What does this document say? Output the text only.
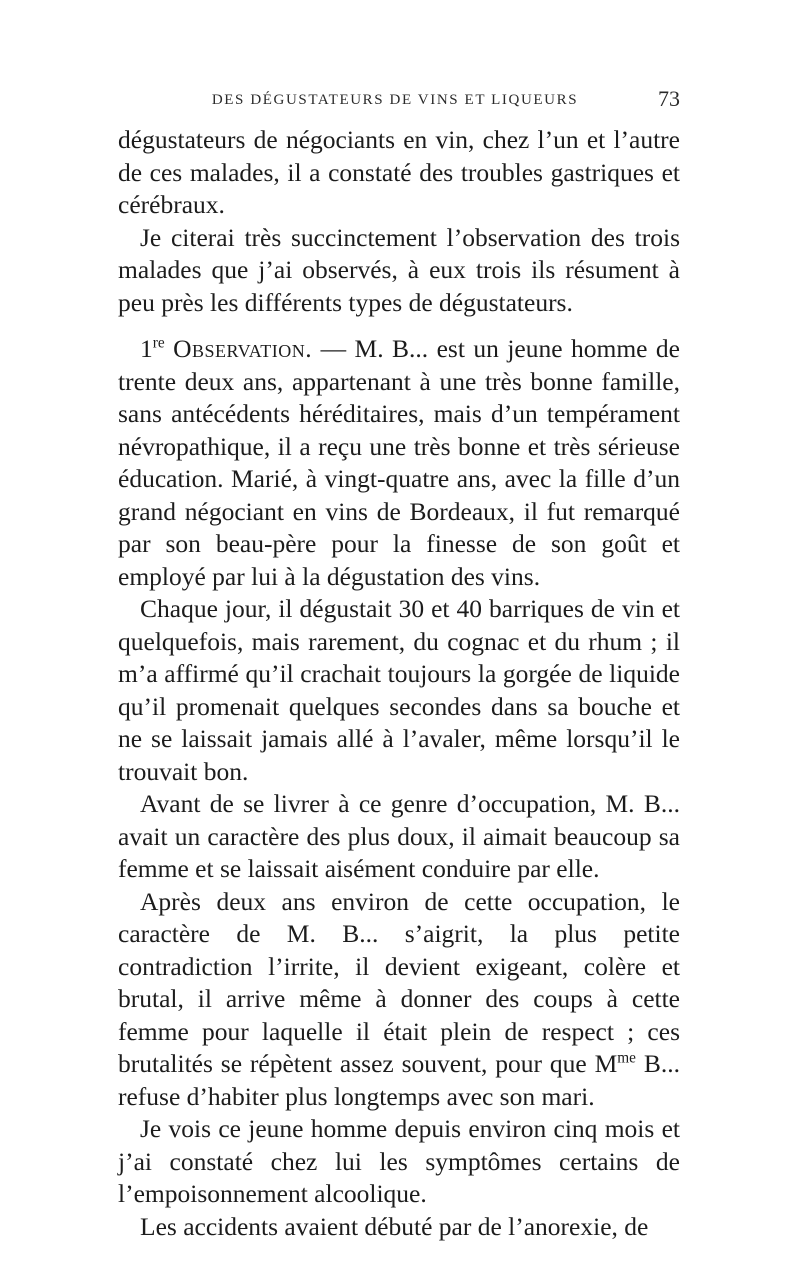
DES DÉGUSTATEURS DE VINS ET LIQUEURS	73

dégustateurs de négociants en vin, chez l’un et l’autre de ces malades, il a constaté des troubles gastriques et cérébraux.

Je citerai très succinctement l’observation des trois malades que j’ai observés, à eux trois ils résument à peu près les différents types de dégustateurs.

1re Observation. — M. B... est un jeune homme de trente deux ans, appartenant à une très bonne famille, sans antécédents héréditaires, mais d’un tempérament névropathique, il a reçu une très bonne et très sérieuse éducation. Marié, à vingt-quatre ans, avec la fille d’un grand négociant en vins de Bordeaux, il fut remarqué par son beau-père pour la finesse de son goût et employé par lui à la dégustation des vins.

Chaque jour, il dégustait 30 et 40 barriques de vin et quelquefois, mais rarement, du cognac et du rhum ; il m’a affirmé qu’il crachait toujours la gorgée de liquide qu’il promenait quelques secondes dans sa bouche et ne se laissait jamais allé à l’avaler, même lorsqu’il le trouvait bon.

Avant de se livrer à ce genre d’occupation, M. B... avait un caractère des plus doux, il aimait beaucoup sa femme et se laissait aisément conduire par elle.

Après deux ans environ de cette occupation, le caractère de M. B... s’aigrit, la plus petite contradiction l’irrite, il devient exigeant, colère et brutal, il arrive même à donner des coups à cette femme pour laquelle il était plein de respect ; ces brutalités se répètent assez souvent, pour que $M^{me}$ B... refuse d’habiter plus longtemps avec son mari.

Je vois ce jeune homme depuis environ cinq mois et j’ai constaté chez lui les symptômes certains de l’empoisonnement alcoolique.

Les accidents avaient débuté par de l’anorexie, de
